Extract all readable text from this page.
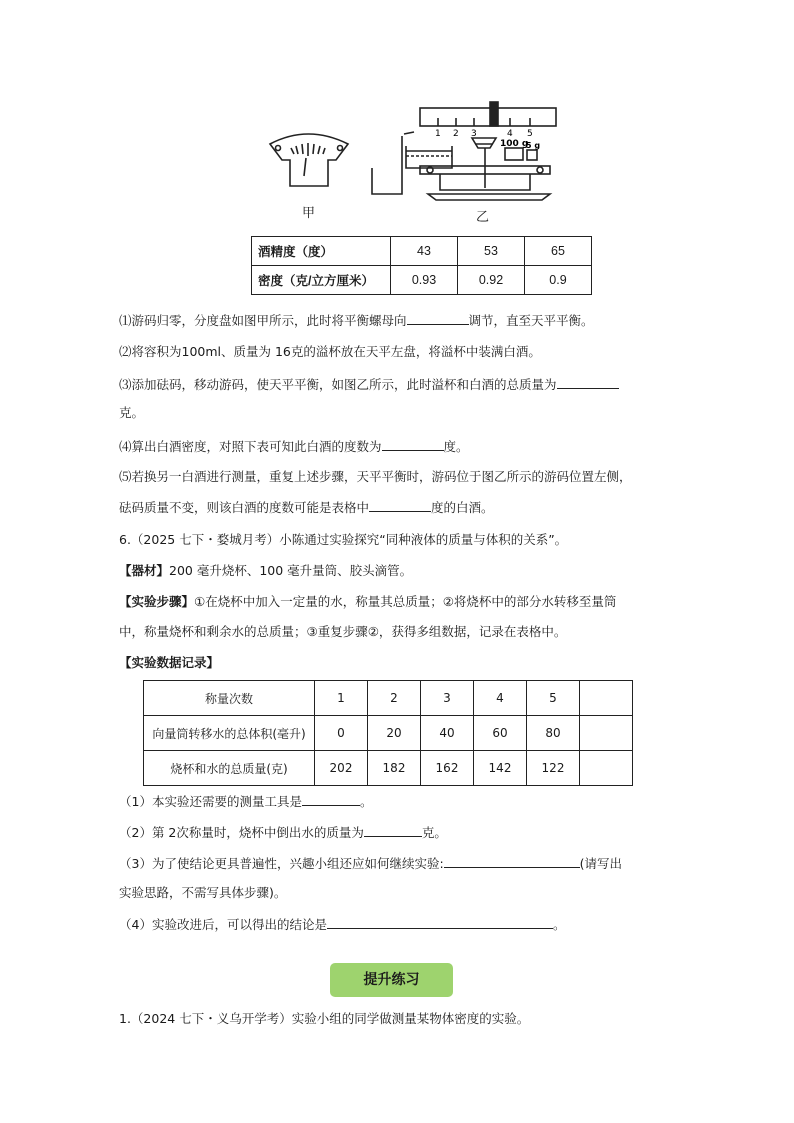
1 2 3	4 5
100 g
5 g
甲	乙
酒精度（度）	43	53	65
密度（克/立方厘米）	0.93	0.92	0.9
⑴游码归零，分度盘如图甲所示，此时将平衡螺母向	调节，直至天平平衡。
⑵将容积为100ml、质量为 16克的溢杯放在天平左盘，将溢杯中装满白酒。
⑶添加砝码，移动游码，使天平平衡，如图乙所示，此时溢杯和白酒的总质量为
克。
⑷算出白酒密度，对照下表可知此白酒的度数为	度。
⑸若换另一白酒进行测量，重复上述步骤，天平平衡时，游码位于图乙所示的游码位置左侧，
砝码质量不变，则该白酒的度数可能是表格中	度的白酒。
6.（2025 七下・婺城月考）小陈通过实验探究“同种液体的质量与体积的关系”。
【器材】200 毫升烧杯、100 毫升量筒、胶头滴管。
【实验步骤】①在烧杯中加入一定量的水，称量其总质量；②将烧杯中的部分水转移至量筒
中，称量烧杯和剩余水的总质量；③重复步骤②，获得多组数据，记录在表格中。
【实验数据记录】
称量次数	1	2	3	4	5	
向量筒转移水的总体积(毫升)	0	20	40	60	80	
烧杯和水的总质量(克)	202	182	162	142	122	
（1）本实验还需要的测量工具是	。
（2）第 2次称量时，烧杯中倒出水的质量为	克。
（3）为了使结论更具普遍性，兴趣小组还应如何继续实验:	(请写出
实验思路，不需写具体步骤)。
（4）实验改进后，可以得出的结论是	。
提升练习
1.（2024 七下・义乌开学考）实验小组的同学做测量某物体密度的实验。
